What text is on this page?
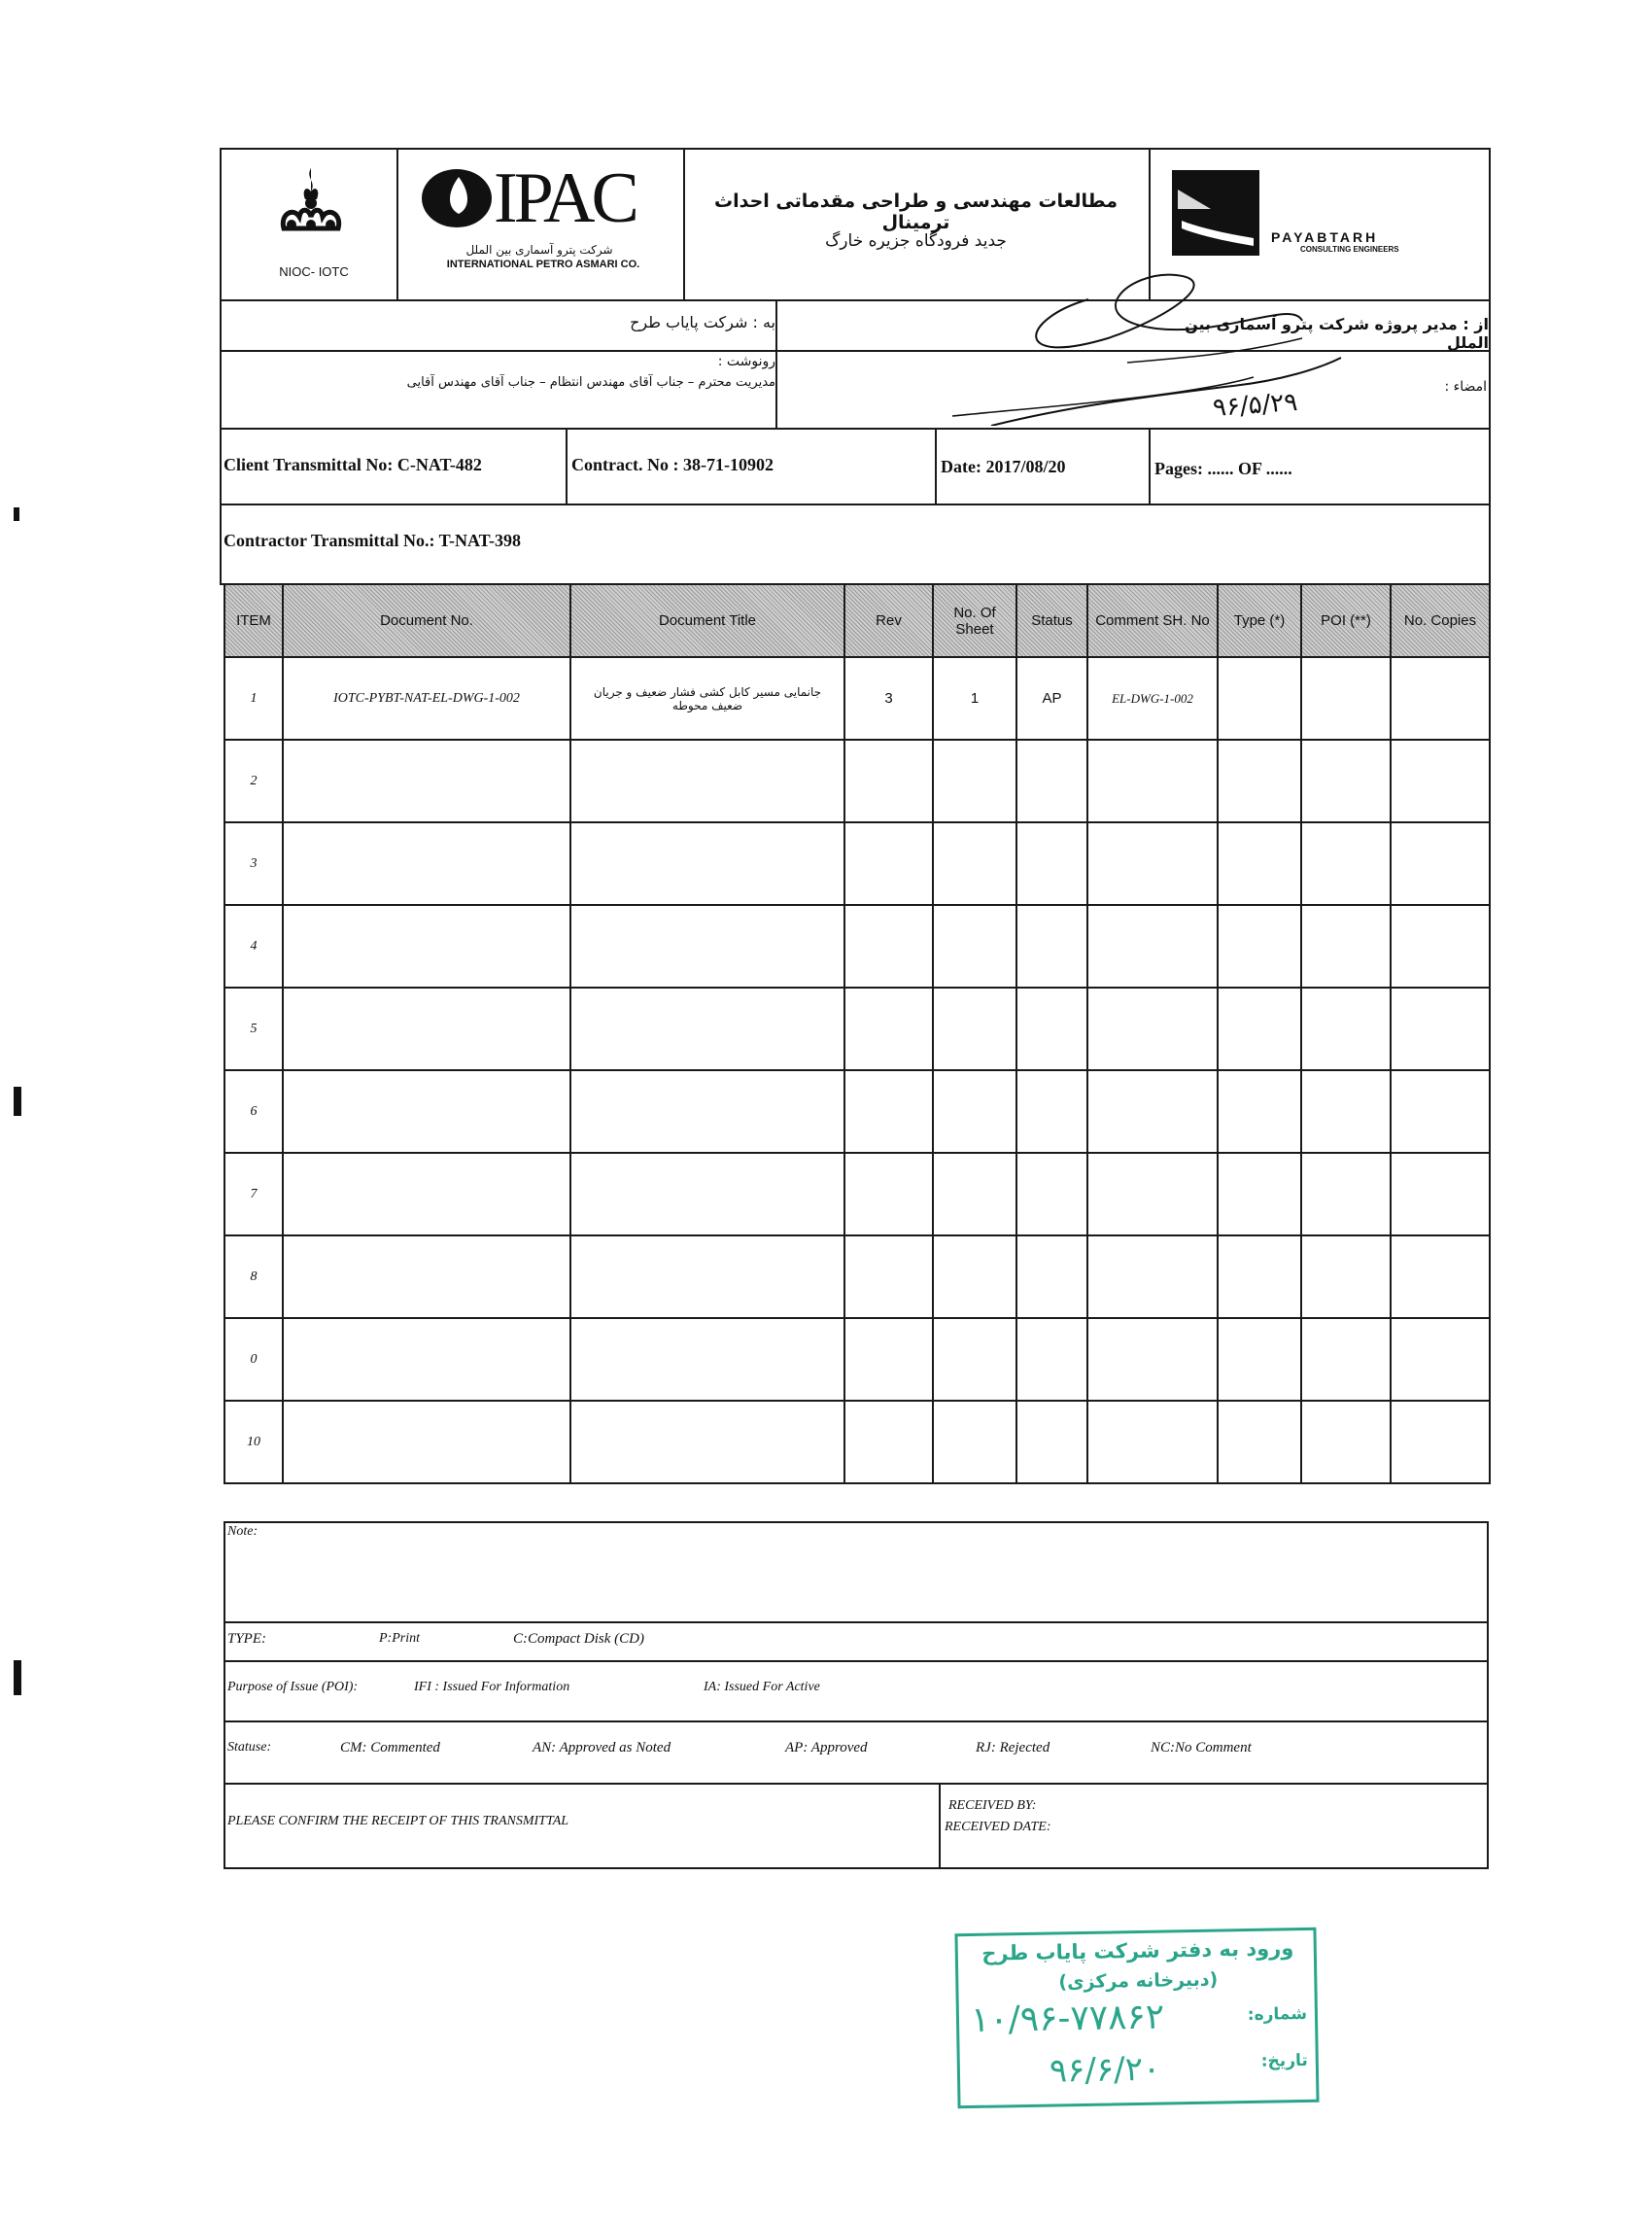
NIOC- IOTC
IPAC
شرکت پترو آسماری بین الملل
INTERNATIONAL PETRO ASMARI CO.
مطالعات مهندسی و طراحی مقدماتی احداث ترمینال
جدید فرودگاه جزیره خارگ	PAYABTARH
CONSULTING ENGINEERS
به : شرکت پایاب طرح	از : مدیر پروژه شرکت پترو آسماری بین الملل
رونوشت :
مدیریت محترم – جناب آقای مهندس انتظام – جناب آقای مهندس آقایی	امضاء :
۹۶/۵/۲۹
Client Transmittal No: C-NAT-482	Contract. No : 38-71-10902	Date: 2017/08/20	Pages: ...... OF ......
Contractor Transmittal No.: T-NAT-398
ITEM	Document No.	Document Title	Rev	No. Of Sheet	Status	Comment SH. No	Type (*)	POI (**)	No. Copies
1	IOTC-PYBT-NAT-EL-DWG-1-002	جانمایی مسیر کابل کشی فشار ضعیف و جریان ضعیف محوطه	3	1	AP	EL-DWG-1-002			
2									
3									
4									
5									
6									
7									
8									
0									
10									
Note:
TYPE:	P:Print	C:Compact Disk (CD)
Purpose of Issue (POI):	IFI : Issued For Information	IA: Issued For Active
Statuse:	CM: Commented	AN: Approved as Noted	AP: Approved	RJ: Rejected	NC:No Comment
PLEASE CONFIRM THE RECEIPT OF THIS TRANSMITTAL
RECEIVED BY:
RECEIVED DATE:
ورود به دفتر شرکت پایاب طرح
(دبیرخانه مرکزی)
شماره:
۱۰/۹۶-۷۷۸۶۲
تاریخ:
۹۶/۶/۲۰
